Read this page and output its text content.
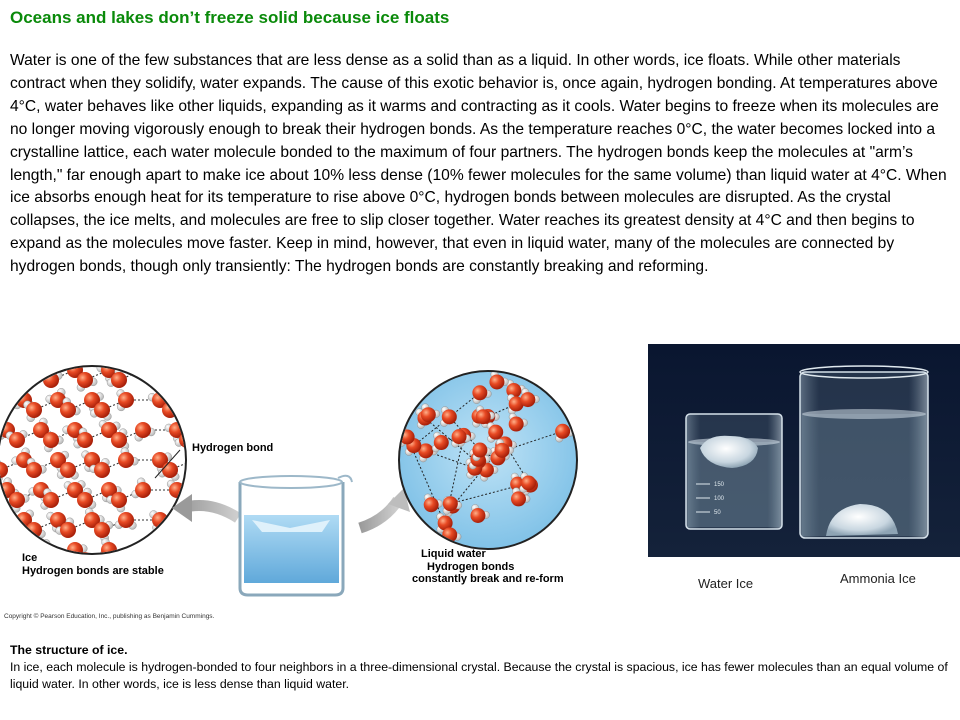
Oceans and lakes don’t freeze solid because ice floats

Water is one of the few substances that are less dense as a solid than as a liquid. In other words, ice floats. While other materials contract when they solidify, water expands. The cause of this exotic behavior is, once again, hydrogen bonding. At temperatures above 4°C, water behaves like other liquids, expanding as it warms and contracting as it cools. Water begins to freeze when its molecules are no longer moving vigorously enough to break their hydrogen bonds. As the temperature reaches 0°C, the water becomes locked into a crystalline lattice, each water molecule bonded to the maximum of four partners. The hydrogen bonds keep the molecules at "arm’s length," far enough apart to make ice about 10% less dense (10% fewer molecules for the same volume) than liquid water at 4°C. When ice absorbs enough heat for its temperature to rise above 0°C, hydrogen bonds between molecules are disrupted. As the crystal collapses, the ice melts, and molecules are free to slip closer together. Water reaches its greatest density at 4°C and then begins to expand as the molecules move faster. Keep in mind, however, that even in liquid water, many of the molecules are connected by hydrogen bonds, though only transiently: The hydrogen bonds are constantly breaking and reforming.

Hydrogen bond
Ice
Hydrogen bonds are stable
Liquid water
Hydrogen bonds
constantly break and re-form
Copyright © Pearson Education, Inc., publishing as Benjamin Cummings.
150
100
50
Water Ice	Ammonia Ice
The structure of ice.
In ice, each molecule is hydrogen-bonded to four neighbors in a three-dimensional crystal. Because the crystal is spacious, ice has fewer molecules than an equal volume of liquid water. In other words, ice is less dense than liquid water.
